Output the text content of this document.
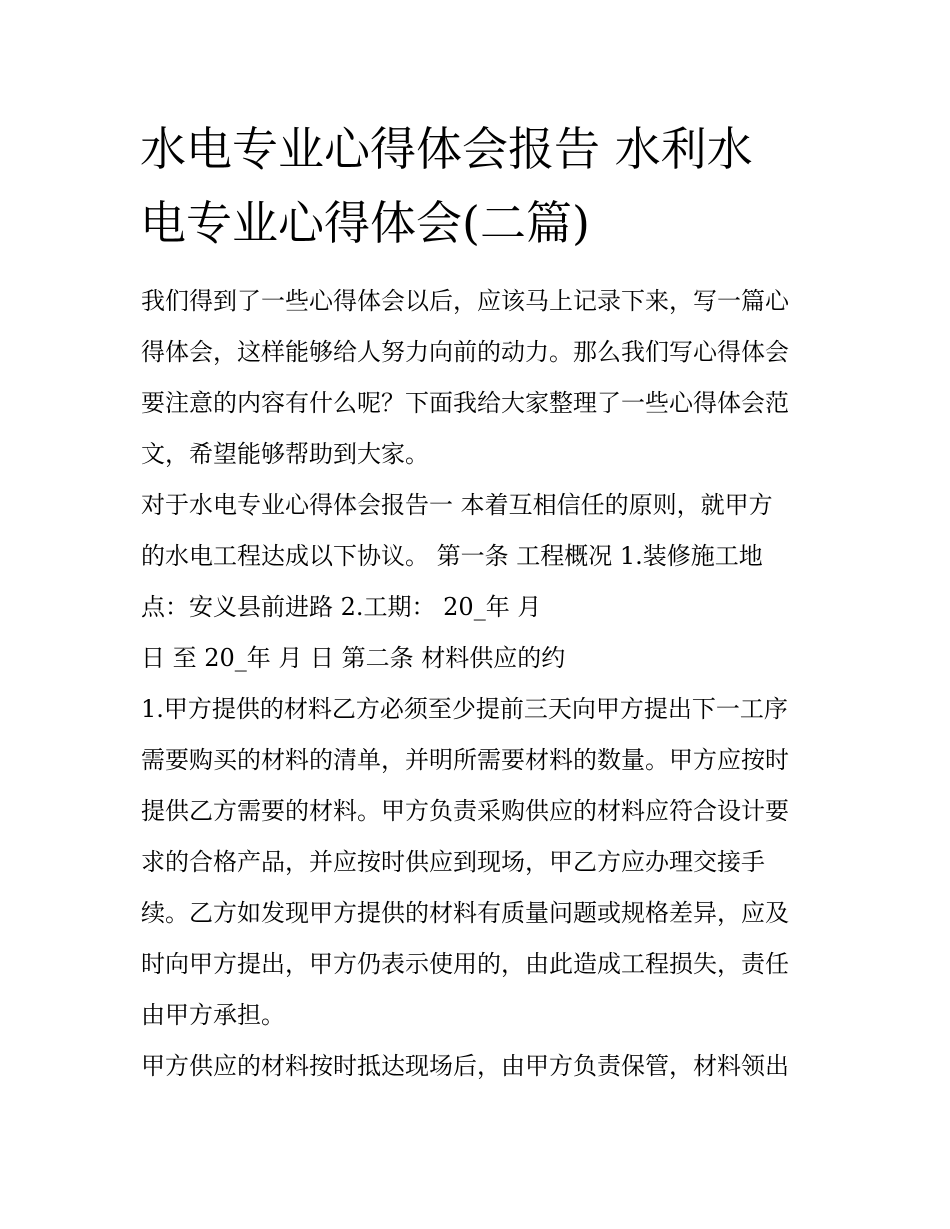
水电专业心得体会报告 水利水
电专业心得体会(二篇)

我们得到了一些心得体会以后，应该马上记录下来，写一篇心
得体会，这样能够给人努力向前的动力。那么我们写心得体会
要注意的内容有什么呢？下面我给大家整理了一些心得体会范
文，希望能够帮助到大家。

对于水电专业心得体会报告一 本着互相信任的原则，就甲方
的水电工程达成以下协议。 第一条 工程概况 1.装修施工地
点：安义县前进路 2.工期： 20_年 月
日 至 20_年 月 日 第二条 材料供应的约

1.甲方提供的材料乙方必须至少提前三天向甲方提出下一工序
需要购买的材料的清单，并明所需要材料的数量。甲方应按时
提供乙方需要的材料。甲方负责采购供应的材料应符合设计要
求的合格产品，并应按时供应到现场，甲乙方应办理交接手
续。乙方如发现甲方提供的材料有质量问题或规格差异，应及
时向甲方提出，甲方仍表示使用的，由此造成工程损失，责任
由甲方承担。

甲方供应的材料按时抵达现场后，由甲方负责保管，材料领出
